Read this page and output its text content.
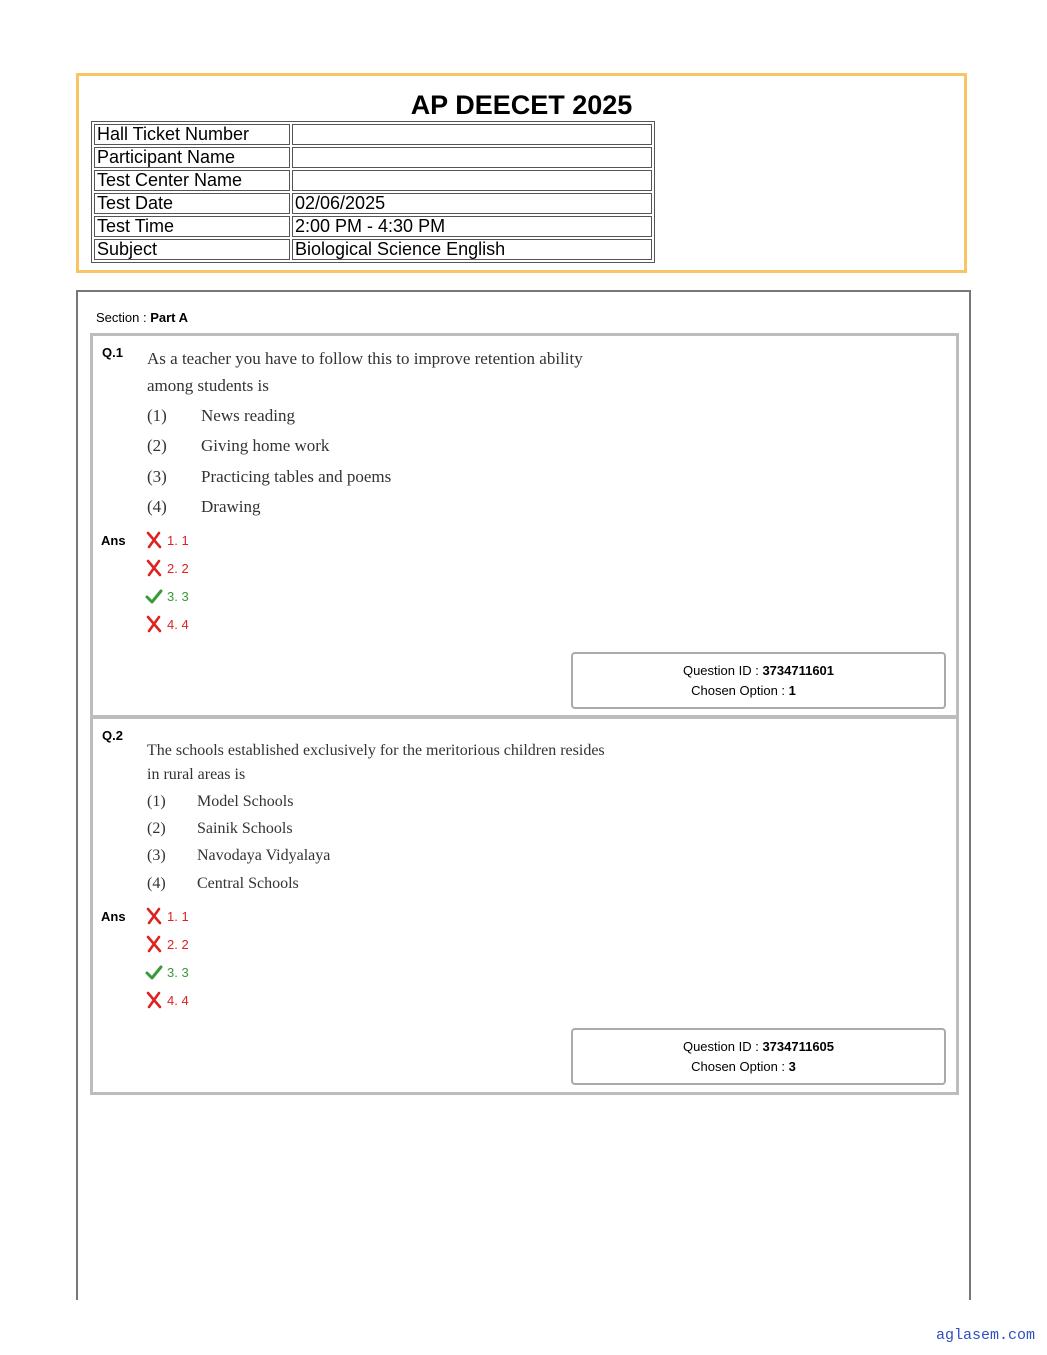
AP DEECET 2025
Hall Ticket Number	
Participant Name	
Test Center Name	
Test Date	02/06/2025
Test Time	2:00 PM - 4:30 PM
Subject	Biological Science English
Section : Part A
Q.1 As a teacher you have to follow this to improve retention ability
among students is
(1) News reading
(2) Giving home work
(3) Practicing tables and poems
(4) Drawing
Ans	1. 1
2. 2
3. 3
4. 4
Question ID : 3734711601
Chosen Option : 1
Q.2
The schools established exclusively for the meritorious children resides
in rural areas is
(1) Model Schools
(2) Sainik Schools
(3) Navodaya Vidyalaya
(4) Central Schools
Ans	1. 1
2. 2
3. 3
4. 4
Question ID : 3734711605
Chosen Option : 3
aglasem.com
